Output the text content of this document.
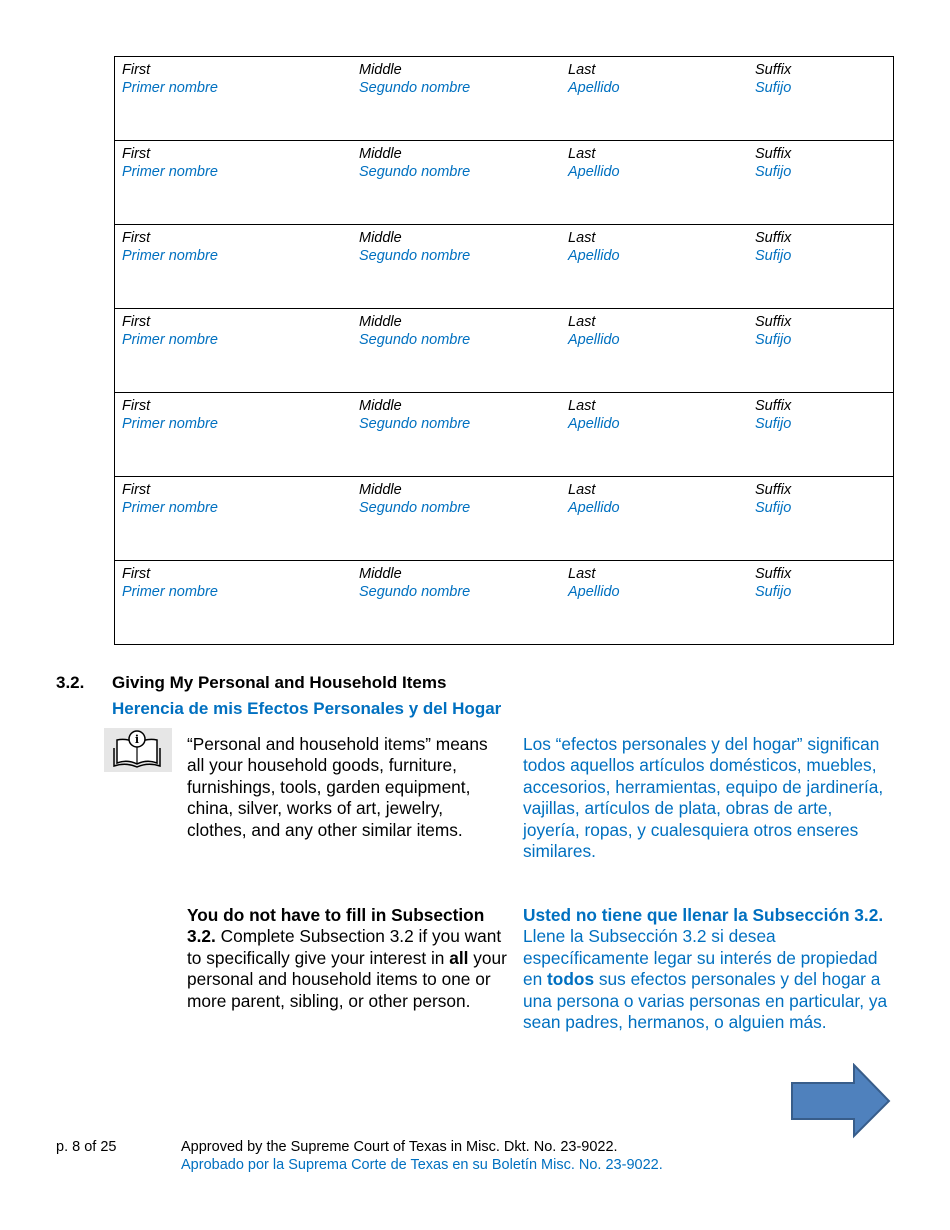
First
Primer nombre
Middle
Segundo nombre
Last
Apellido
Suffix
Sufijo
First
Primer nombre
Middle
Segundo nombre
Last
Apellido
Suffix
Sufijo
First
Primer nombre
Middle
Segundo nombre
Last
Apellido
Suffix
Sufijo
First
Primer nombre
Middle
Segundo nombre
Last
Apellido
Suffix
Sufijo
First
Primer nombre
Middle
Segundo nombre
Last
Apellido
Suffix
Sufijo
First
Primer nombre
Middle
Segundo nombre
Last
Apellido
Suffix
Sufijo
First
Primer nombre
Middle
Segundo nombre
Last
Apellido
Suffix
Sufijo
3.2. Giving My Personal and Household Items
Herencia de mis Efectos Personales y del Hogar
i	“Personal and household items” means all your household goods, furniture, furnishings, tools, garden equipment, china, silver, works of art, jewelry, clothes, and any other similar items.
Los “efectos personales y del hogar” significan todos aquellos artículos domésticos, muebles, accesorios, herramientas, equipo de jardinería, vajillas, artículos de plata, obras de arte, joyería, ropas, y cualesquiera otros enseres similares.
You do not have to fill in Subsection 3.2. Complete Subsection 3.2 if you want to specifically give your interest in all your personal and household items to one or more parent, sibling, or other person.
Usted no tiene que llenar la Subsección 3.2. Llene la Subsección 3.2 si desea específicamente legar su interés de propiedad en todos sus efectos personales y del hogar a una persona o varias personas en particular, ya sean padres, hermanos, o alguien más.
p. 8 of 25	Approved by the Supreme Court of Texas in Misc. Dkt. No. 23-9022.
Aprobado por la Suprema Corte de Texas en su Boletín Misc. No. 23-9022.
